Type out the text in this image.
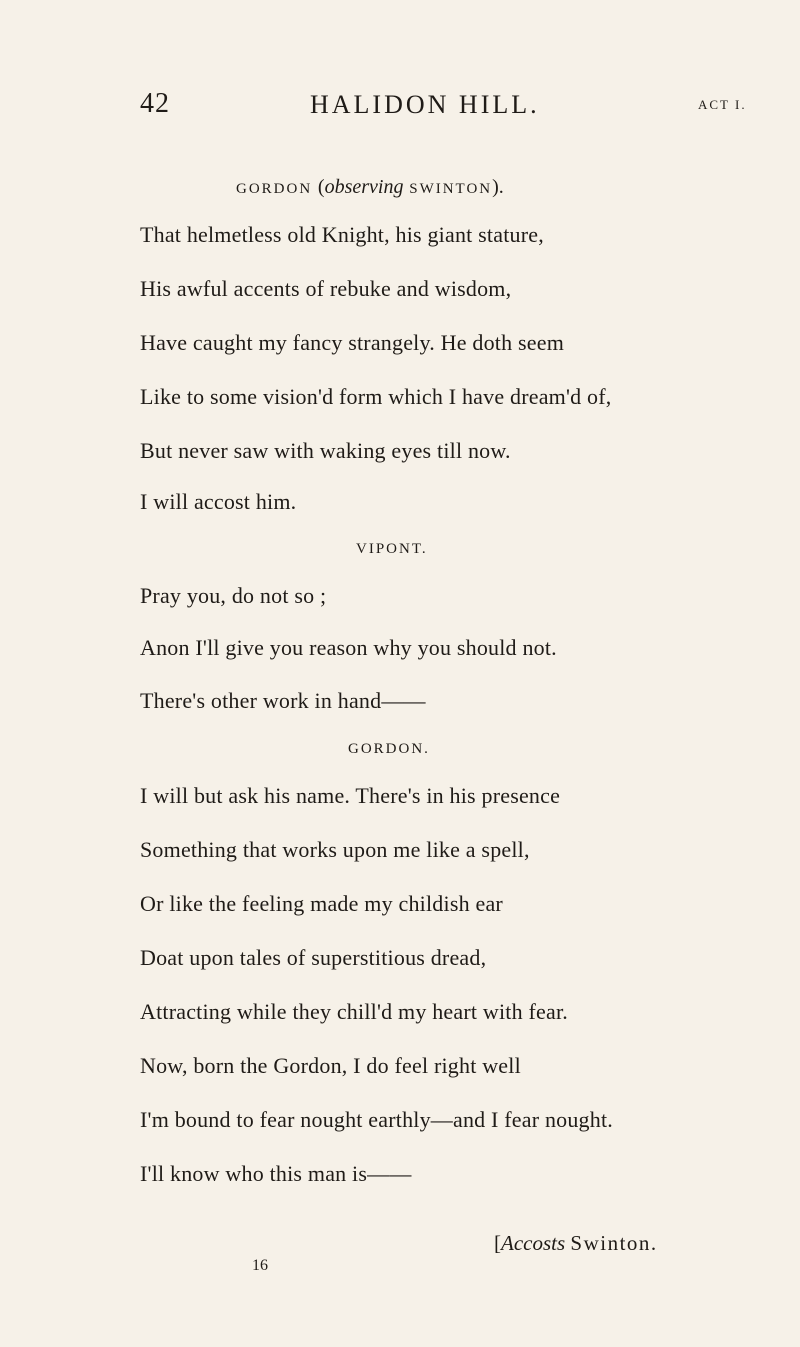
42	HALIDON HILL.	ACT I.
GORDON (observing SWINTON).
That helmetless old Knight, his giant stature,
His awful accents of rebuke and wisdom,
Have caught my fancy strangely. He doth seem
Like to some vision'd form which I have dream'd of,
But never saw with waking eyes till now.
I will accost him.
VIPONT.
Pray you, do not so ;
Anon I'll give you reason why you should not.
There's other work in hand——
GORDON.
I will but ask his name. There's in his presence
Something that works upon me like a spell,
Or like the feeling made my childish ear
Doat upon tales of superstitious dread,
Attracting while they chill'd my heart with fear.
Now, born the Gordon, I do feel right well
I'm bound to fear nought earthly—and I fear nought.
I'll know who this man is——
[Accosts Swinton.
16
